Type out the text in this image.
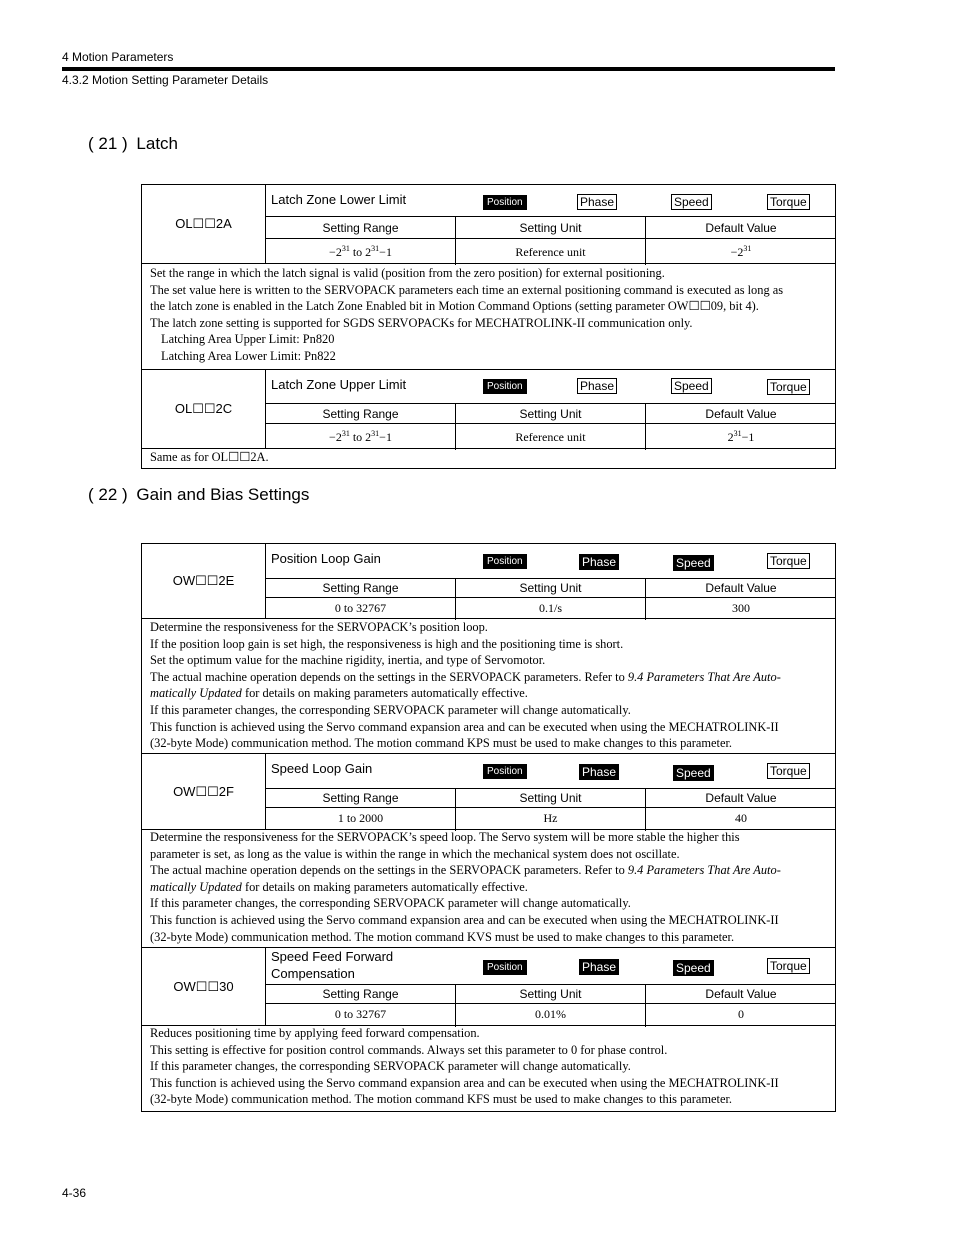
4 Motion Parameters
4.3.2 Motion Setting Parameter Details
( 21 ) Latch
OL☐☐2A
Latch Zone Lower Limit	Position	Phase	Speed	Torque
Setting Range	Setting Unit	Default Value
$-2^{31}$ to $2^{31}-1$	Reference unit	$-2^{31}$

Set the range in which the latch signal is valid (position from the zero position) for external positioning.

The set value here is written to the SERVOPACK parameters each time an external positioning command is executed as long as

the latch zone is enabled in the Latch Zone Enabled bit in Motion Command Options (setting parameter OW☐☐09, bit 4).

The latch zone setting is supported for SGDS SERVOPACKs for MECHATROLINK-II communication only.

Latching Area Upper Limit: Pn820

Latching Area Lower Limit: Pn822

OL☐☐2C
Latch Zone Upper Limit	Position	Phase	Speed	Torque
Setting Range	Setting Unit	Default Value
$-2^{31}$ to $2^{31}-1$	Reference unit	$2^{31}-1$

Same as for OL☐☐2A.

( 22 ) Gain and Bias Settings
OW☐☐2E
Position Loop Gain	Position	Phase	Speed	Torque
Setting Range	Setting Unit	Default Value
0 to 32767	0.1/s	300

Determine the responsiveness for the SERVOPACK’s position loop.

If the position loop gain is set high, the responsiveness is high and the positioning time is short.

Set the optimum value for the machine rigidity, inertia, and type of Servomotor.

The actual machine operation depends on the settings in the SERVOPACK parameters. Refer to 9.4 Parameters That Are Auto-

matically Updated for details on making parameters automatically effective.

If this parameter changes, the corresponding SERVOPACK parameter will change automatically.

This function is achieved using the Servo command expansion area and can be executed when using the MECHATROLINK-II

(32-byte Mode) communication method. The motion command KPS must be used to make changes to this parameter.

OW☐☐2F
Speed Loop Gain	Position	Phase	Speed	Torque
Setting Range	Setting Unit	Default Value
1 to 2000	Hz	40

Determine the responsiveness for the SERVOPACK’s speed loop. The Servo system will be more stable the higher this

parameter is set, as long as the value is within the range in which the mechanical system does not oscillate.

The actual machine operation depends on the settings in the SERVOPACK parameters. Refer to 9.4 Parameters That Are Auto-

matically Updated for details on making parameters automatically effective.

If this parameter changes, the corresponding SERVOPACK parameter will change automatically.

This function is achieved using the Servo command expansion area and can be executed when using the MECHATROLINK-II

(32-byte Mode) communication method. The motion command KVS must be used to make changes to this parameter.

OW☐☐30
Speed Feed Forward
Compensation	Position	Phase	Speed	Torque
Setting Range	Setting Unit	Default Value
0 to 32767	0.01%	0

Reduces positioning time by applying feed forward compensation.

This setting is effective for position control commands. Always set this parameter to 0 for phase control.

If this parameter changes, the corresponding SERVOPACK parameter will change automatically.

This function is achieved using the Servo command expansion area and can be executed when using the MECHATROLINK-II

(32-byte Mode) communication method. The motion command KFS must be used to make changes to this parameter.

4-36
